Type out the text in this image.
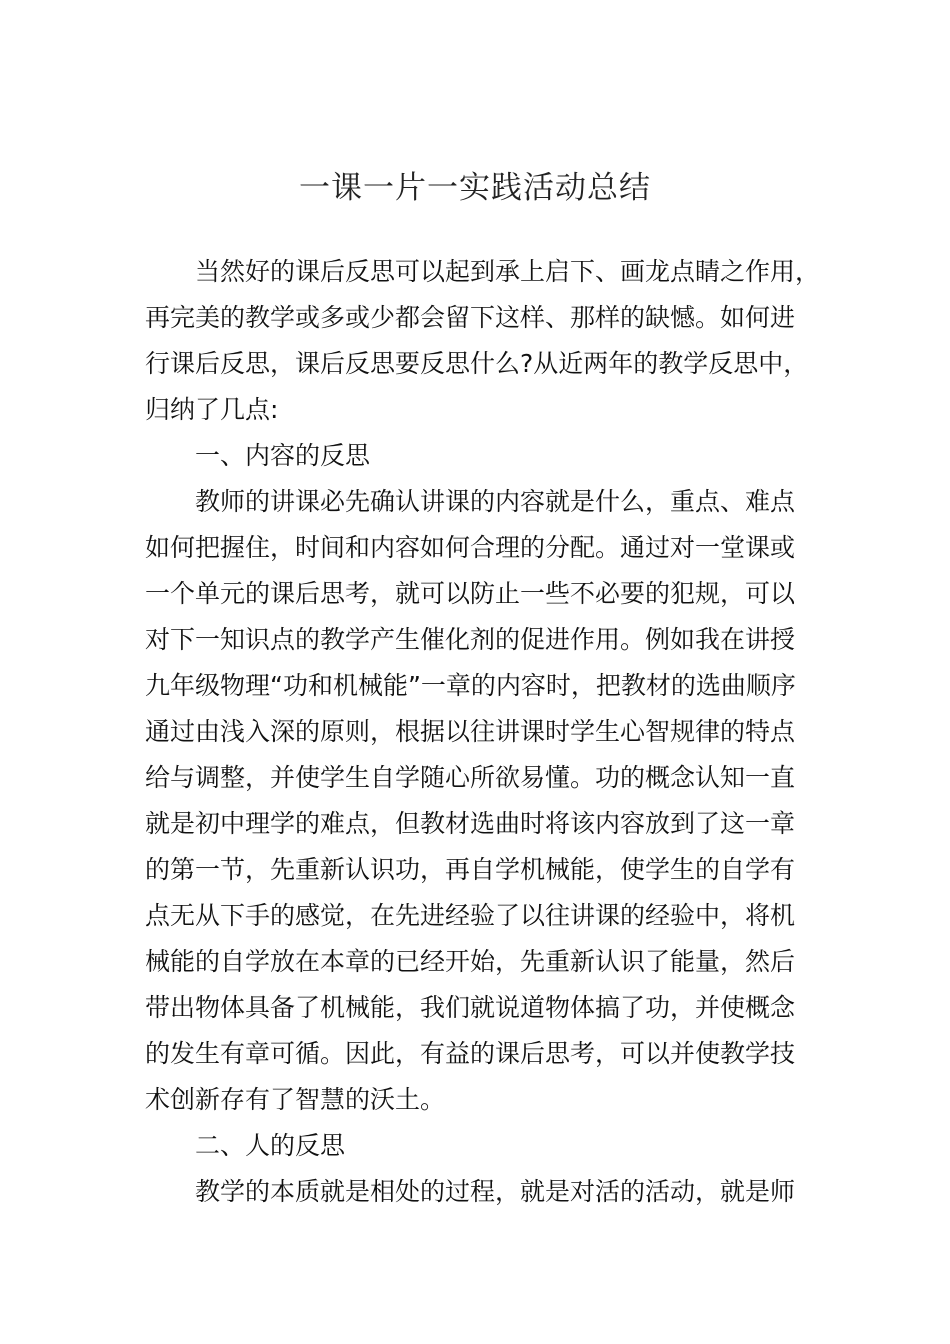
一课一片一实践活动总结
当然好的课后反思可以起到承上启下、画龙点睛之作用，
再完美的教学或多或少都会留下这样、那样的缺憾。如何进
行课后反思，课后反思要反思什么?从近两年的教学反思中，
归纳了几点:
一、内容的反思
教师的讲课必先确认讲课的内容就是什么，重点、难点
如何把握住，时间和内容如何合理的分配。通过对一堂课或
一个单元的课后思考，就可以防止一些不必要的犯规，可以
对下一知识点的教学产生催化剂的促进作用。例如我在讲授
九年级物理“功和机械能”一章的内容时，把教材的选曲顺序
通过由浅入深的原则，根据以往讲课时学生心智规律的特点
给与调整，并使学生自学随心所欲易懂。功的概念认知一直
就是初中理学的难点，但教材选曲时将该内容放到了这一章
的第一节，先重新认识功，再自学机械能，使学生的自学有
点无从下手的感觉，在先进经验了以往讲课的经验中，将机
械能的自学放在本章的已经开始，先重新认识了能量，然后
带出物体具备了机械能，我们就说道物体搞了功，并使概念
的发生有章可循。因此，有益的课后思考，可以并使教学技
术创新存有了智慧的沃土。
二、人的反思
教学的本质就是相处的过程，就是对活的活动，就是师
